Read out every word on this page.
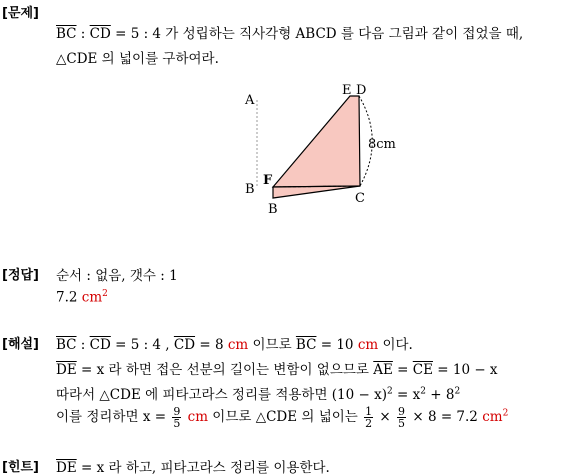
[문제]
$\overline{BC}$ : $\overline{CD} = 5$ : 4 가 성립하는 직사각형 ABCD 를 다음 그림과 같이 접었을 때,
△CDE 의 넓이를 구하여라.
A
E D
B
F
C
B
8cm
[정답] 순서 : 없음, 갯수 : 1
7.2 $cm^2$
[해설] $\overline{BC}$ : $\overline{CD} = 5$ : 4 , $\overline{CD} = 8$ cm 이므로 $\overline{BC} = 10$ cm 이다.
$\overline{DE} = x$ 라 하면 접은 선분의 길이는 변함이 없으므로 $\overline{AE} = \overline{CE} = 10 - x$
따라서 △CDE 에 피타고라스 정리를 적용하면 $(10 - x)^2 = x^2 + 8^2$
이를 정리하면 $x = \frac{9}{5}$ cm 이므로 △CDE 의 넓이는 $\frac{1}{2} \times \frac{9}{5} \times 8 = 7.2$ $cm^2$
[힌트] $\overline{DE} = x$ 라 하고, 피타고라스 정리를 이용한다.
